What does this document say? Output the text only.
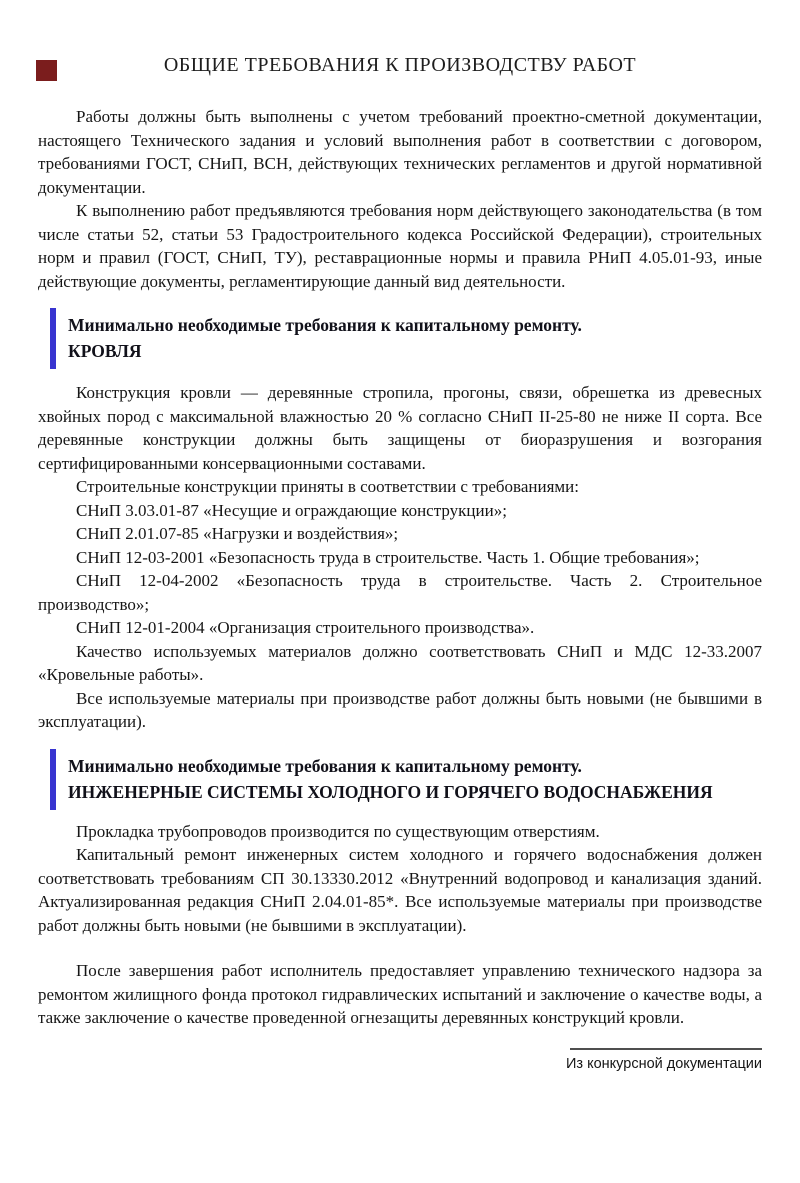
ОБЩИЕ ТРЕБОВАНИЯ К ПРОИЗВОДСТВУ РАБОТ

Работы должны быть выполнены с учетом требований проектно-сметной документации, настоящего Технического задания и условий выполнения работ в соответствии с договором, требованиями ГОСТ, СНиП, ВСН, действующих технических регламентов и другой нормативной документации.

К выполнению работ предъявляются требования норм действующего законодательства (в том числе статьи 52, статьи 53 Градостроительного кодекса Российской Федерации), строительных норм и правил (ГОСТ, СНиП, ТУ), реставрационные нормы и правила РНиП 4.05.01-93, иные действующие документы, регламентирующие данный вид деятельности.

Минимально необходимые требования к капитальному ремонту.
КРОВЛЯ

Конструкция кровли — деревянные стропила, прогоны, связи, обрешетка из древесных хвойных пород с максимальной влажностью 20 % согласно СНиП II-25-80 не ниже II сорта. Все деревянные конструкции должны быть защищены от биоразрушения и возгорания сертифицированными консервационными составами.

Строительные конструкции приняты в соответствии с требованиями:

СНиП 3.03.01-87 «Несущие и ограждающие конструкции»;

СНиП 2.01.07-85 «Нагрузки и воздействия»;

СНиП 12-03-2001 «Безопасность труда в строительстве. Часть 1. Общие требования»;

СНиП 12-04-2002 «Безопасность труда в строительстве. Часть 2. Строительное производство»;

СНиП 12-01-2004 «Организация строительного производства».

Качество используемых материалов должно соответствовать СНиП и МДС 12-33.2007 «Кровельные работы».

Все используемые материалы при производстве работ должны быть новыми (не бывшими в эксплуатации).

Минимально необходимые требования к капитальному ремонту.
ИНЖЕНЕРНЫЕ СИСТЕМЫ ХОЛОДНОГО И ГОРЯЧЕГО ВОДОСНАБЖЕНИЯ

Прокладка трубопроводов производится по существующим отверстиям.

Капитальный ремонт инженерных систем холодного и горячего водоснабжения должен соответствовать требованиям СП 30.13330.2012 «Внутренний водопровод и канализация зданий. Актуализированная редакция СНиП 2.04.01-85*. Все используемые материалы при производстве работ должны быть новыми (не бывшими в эксплуатации).

После завершения работ исполнитель предоставляет управлению технического надзора за ремонтом жилищного фонда протокол гидравлических испытаний и заключение о качестве воды, а также заключение о качестве проведенной огнезащиты деревянных конструкций кровли.

Из конкурсной документации
